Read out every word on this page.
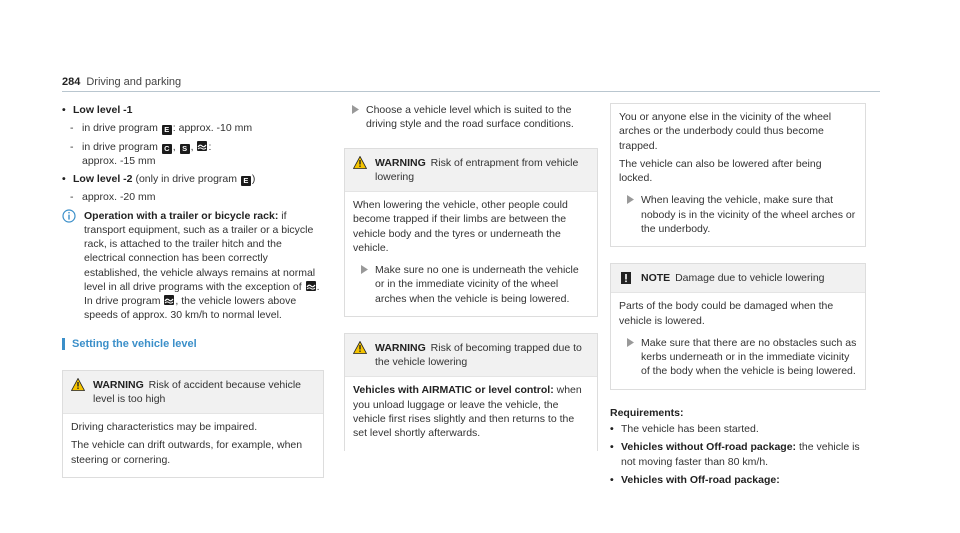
284 Driving and parking
• Low level -1
- in drive program E : approx. -10 mm
- in drive program C , S ,
:
approx. -15 mm
• Low level -2 (only in drive program E )
- approx. -20 mm
Operation with a trailer or bicycle rack: if transport equipment, such as a trailer or a bicycle rack, is attached to the trailer hitch and the electrical connection has been correctly established, the vehicle always remains at normal level in all drive programs with the exception of
. In drive program
, the vehicle lowers above speeds of approx. 30 km/h to normal level.
Setting the vehicle level
WARNING Risk of accident because vehicle level is too high

Driving characteristics may be impaired.

The vehicle can drift outwards, for example, when steering or cornering.

Choose a vehicle level which is suited to the driving style and the road surface conditions.
WARNING Risk of entrapment from vehicle lowering

When lowering the vehicle, other people could become trapped if their limbs are between the vehicle body and the tyres or underneath the vehicle.

Make sure no one is underneath the vehicle or in the immediate vicinity of the wheel arches when the vehicle is being lowered.
WARNING Risk of becoming trapped due to the vehicle lowering

Vehicles with AIRMATIC or level control: when you unload luggage or leave the vehicle, the vehicle first rises slightly and then returns to the set level shortly afterwards.

You or anyone else in the vicinity of the wheel arches or the underbody could thus become trapped.

The vehicle can also be lowered after being locked.

When leaving the vehicle, make sure that nobody is in the vicinity of the wheel arches or the underbody.
NOTE Damage due to vehicle lowering

Parts of the body could be damaged when the vehicle is lowered.

Make sure that there are no obstacles such as kerbs underneath or in the immediate vicinity of the body when the vehicle is being lowered.
Requirements:
• The vehicle has been started.
• Vehicles without Off-road package: the vehicle is not moving faster than 80 km/h.
• Vehicles with Off-road package:
